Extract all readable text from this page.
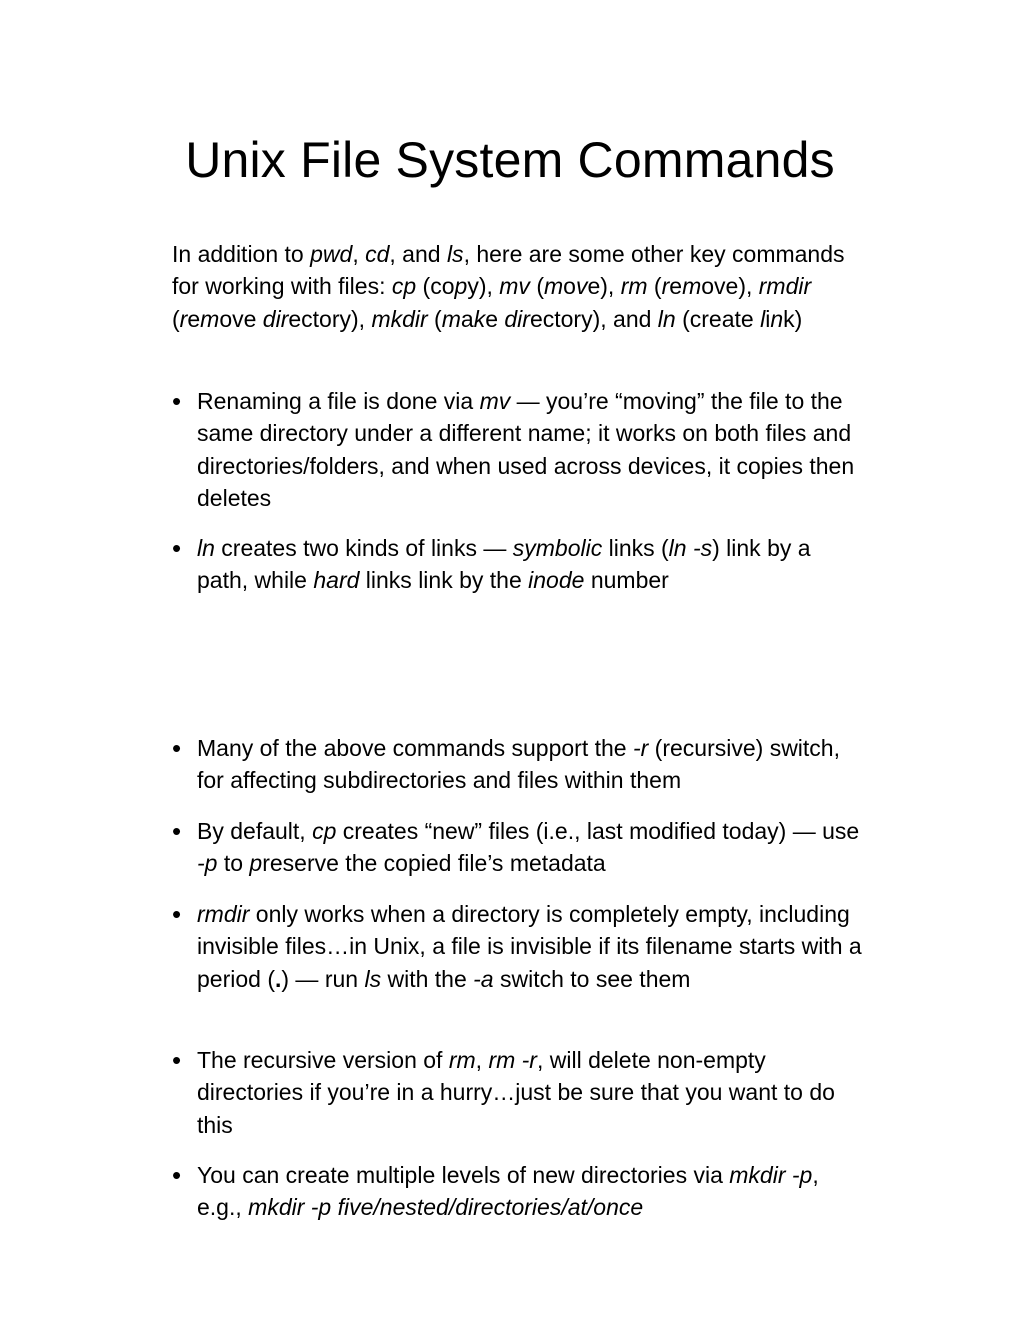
Unix File System Commands

In addition to pwd, cd, and ls, here are some other key commands for working with files: cp (copy), mv (move), rm (remove), rmdir (remove directory), mkdir (make directory), and ln (create link)

• Renaming a file is done via mv — you’re “moving” the file to the same directory under a different name; it works on both files and directories/folders, and when used across devices, it copies then deletes
• ln creates two kinds of links — symbolic links (ln -s) link by a path, while hard links link by the inode number
• Many of the above commands support the -r (recursive) switch, for affecting subdirectories and files within them
• By default, cp creates “new” files (i.e., last modified today) — use -p to preserve the copied file’s metadata
• rmdir only works when a directory is completely empty, including invisible files…in Unix, a file is invisible if its filename starts with a period (.) — run ls with the -a switch to see them
• The recursive version of rm, rm -r, will delete non-empty directories if you’re in a hurry…just be sure that you want to do this
• You can create multiple levels of new directories via mkdir -p, e.g., mkdir -p five/nested/directories/at/once
